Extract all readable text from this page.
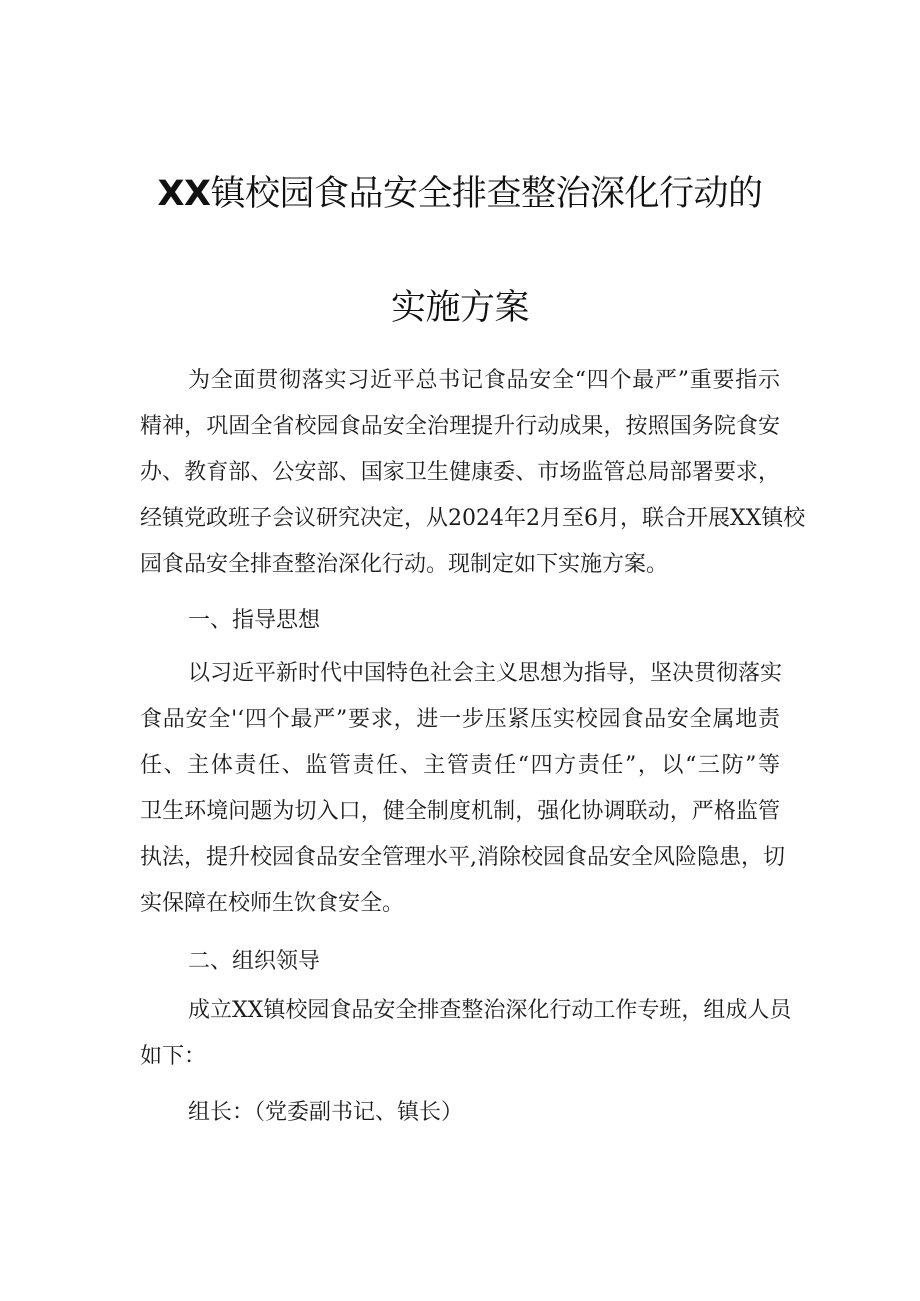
XX镇校园食品安全排查整治深化行动的
实施方案
为全面贯彻落实习近平总书记食品安全“四个最严”重要指示
精神，巩固全省校园食品安全治理提升行动成果，按照国务院食安
办、教育部、公安部、国家卫生健康委、市场监管总局部署要求，
经镇党政班子会议研究决定，从2024年2月至6月，联合开展XX镇校
园食品安全排查整治深化行动。现制定如下实施方案。
一、指导思想
以习近平新时代中国特色社会主义思想为指导，坚决贯彻落实
食品安全'‘四个最严”要求，进一步压紧压实校园食品安全属地责
任、主体责任、监管责任、主管责任“四方责任”，以“三防”等
卫生环境问题为切入口，健全制度机制，强化协调联动，严格监管
执法，提升校园食品安全管理水平,消除校园食品安全风险隐患，切
实保障在校师生饮食安全。
二、组织领导
成立XX镇校园食品安全排查整治深化行动工作专班，组成人员
如下：
组长：（党委副书记、镇长）
